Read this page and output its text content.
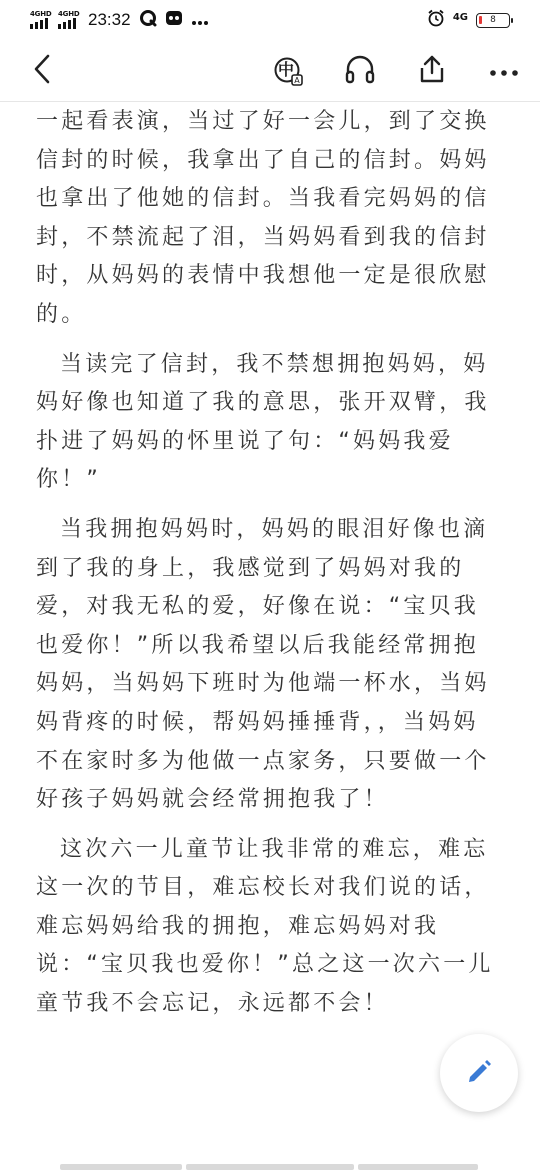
4GHD 4GHD 23:32	4G	8
A
中

一起看表演，当过了好一会儿，到了交换信封的时候，我拿出了自己的信封。妈妈也拿出了他她的信封。当我看完妈妈的信封，不禁流起了泪，当妈妈看到我的信封时，从妈妈的表情中我想他一定是很欣慰的。

当读完了信封，我不禁想拥抱妈妈，妈妈好像也知道了我的意思，张开双臂，我扑进了妈妈的怀里说了句：“妈妈我爱你！”

当我拥抱妈妈时，妈妈的眼泪好像也滴到了我的身上，我感觉到了妈妈对我的爱，对我无私的爱，好像在说：“宝贝我也爱你！”所以我希望以后我能经常拥抱妈妈，当妈妈下班时为他端一杯水，当妈妈背疼的时候，帮妈妈捶捶背，，当妈妈不在家时多为他做一点家务，只要做一个好孩子妈妈就会经常拥抱我了！

这次六一儿童节让我非常的难忘，难忘这一次的节目，难忘校长对我们说的话，难忘妈妈给我的拥抱，难忘妈妈对我说：“宝贝我也爱你！”总之这一次六一儿童节我不会忘记，永远都不会！
